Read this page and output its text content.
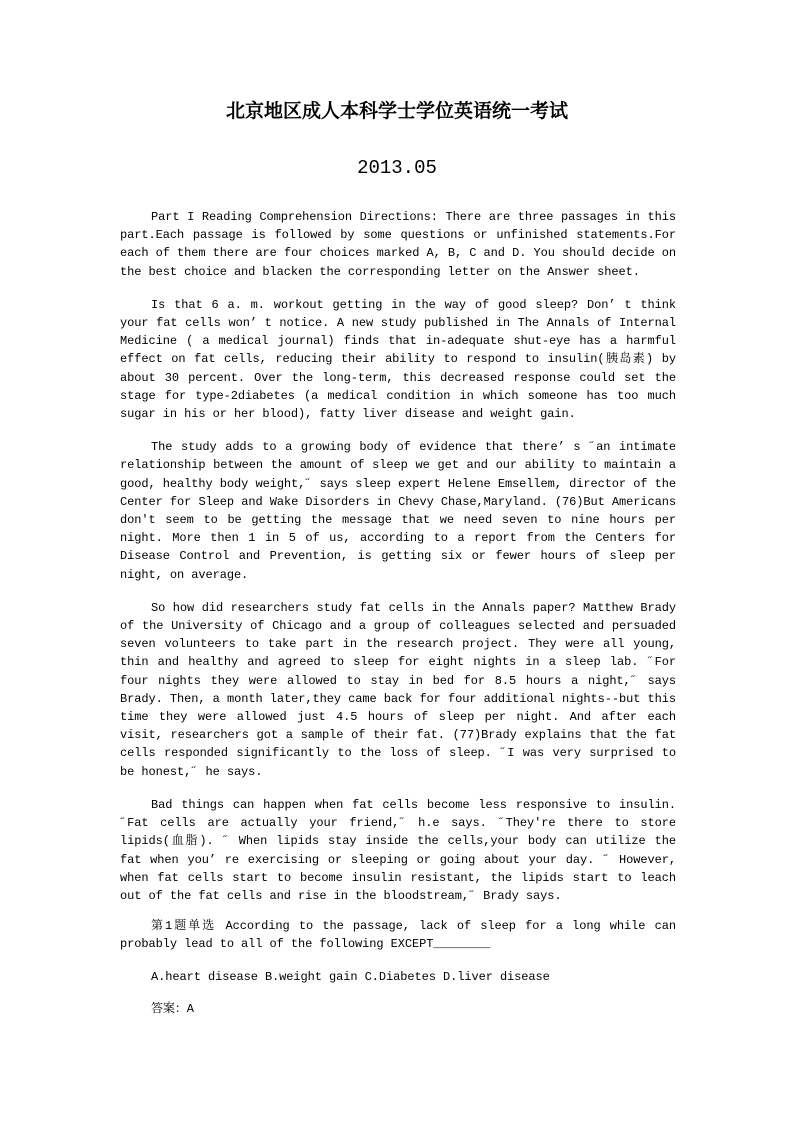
北京地区成人本科学士学位英语统一考试
2013.05

Part I Reading Comprehension Directions: There are three passages in this part.Each passage is followed by some questions or unfinished statements.For each of them there are four choices marked A, B, C and D. You should decide on the best choice and blacken the corresponding letter on the Answer sheet.

Is that 6 a. m. workout getting in the way of good sleep? Don’ t think your fat cells won’ t notice. A new study published in The Annals of Internal Medicine ( a medical journal) finds that in-adequate shut-eye has a harmful effect on fat cells, reducing their ability to respond to insulin(胰岛素) by about 30 percent. Over the long-term, this decreased response could set the stage for type-2diabetes (a medical condition in which someone has too much sugar in his or her blood), fatty liver disease and weight gain.

The study adds to a growing body of evidence that there’ s ˝an intimate relationship between the amount of sleep we get and our ability to maintain a good, healthy body weight,˝ says sleep expert Helene Emsellem, director of the Center for Sleep and Wake Disorders in Chevy Chase,Maryland. (76)But Americans don't seem to be getting the message that we need seven to nine hours per night. More then 1 in 5 of us, according to a report from the Centers for Disease Control and Prevention, is getting six or fewer hours of sleep per night, on average.

So how did researchers study fat cells in the Annals paper? Matthew Brady of the University of Chicago and a group of colleagues selected and persuaded seven volunteers to take part in the research project. They were all young, thin and healthy and agreed to sleep for eight nights in a sleep lab. ˝For four nights they were allowed to stay in bed for 8.5 hours a night,˝ says Brady. Then, a month later,they came back for four additional nights--but this time they were allowed just 4.5 hours of sleep per night. And after each visit, researchers got a sample of their fat. (77)Brady explains that the fat cells responded significantly to the loss of sleep. ˝I was very surprised to be honest,˝ he says.

Bad things can happen when fat cells become less responsive to insulin. ˝Fat cells are actually your friend,˝ h.e says. ˝They're there to store lipids(血脂). ˝ When lipids stay inside the cells,your body can utilize the fat when you’ re exercising or sleeping or going about your day. ˝ However, when fat cells start to become insulin resistant, the lipids start to leach out of the fat cells and rise in the bloodstream,˝ Brady says.

第1题单选 According to the passage, lack of sleep for a long while can probably lead to all of the following EXCEPT________

A.heart disease B.weight gain C.Diabetes D.liver disease

答案：A
